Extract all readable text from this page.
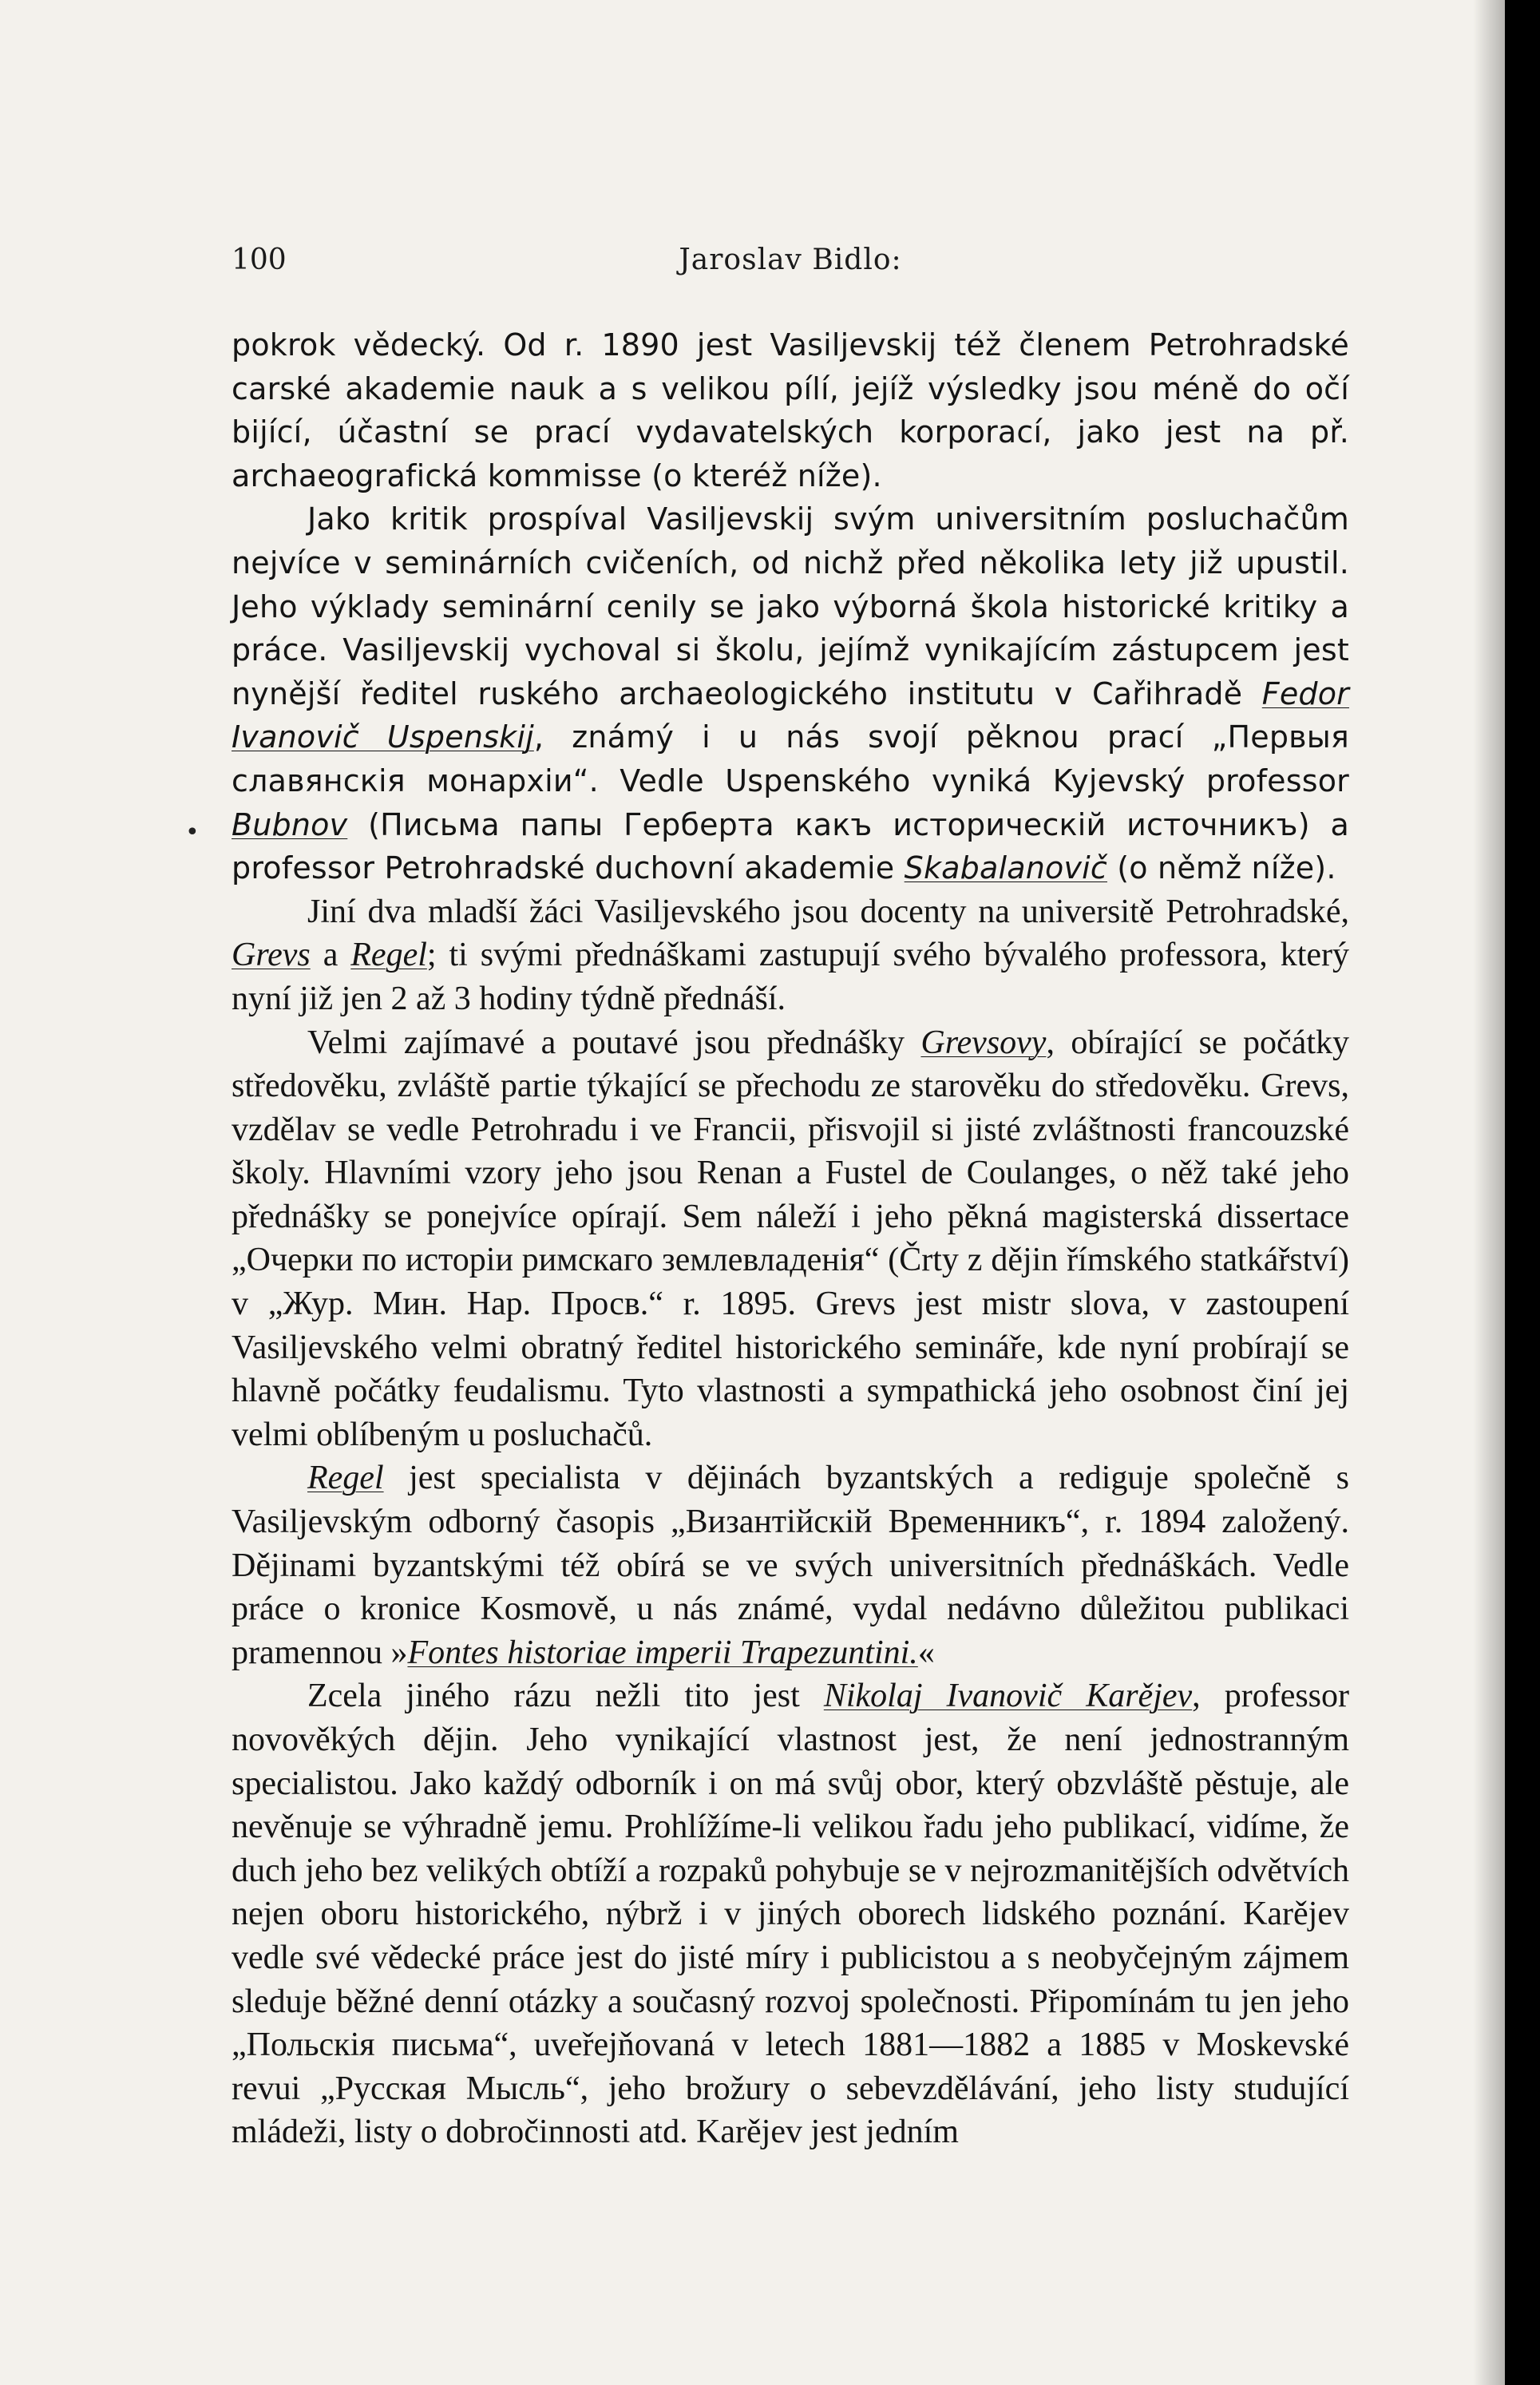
100	Jaroslav Bidlo:

pokrok vědecký. Od r. 1890 jest Vasiljevskij též členem Petrohradské carské akademie nauk a s velikou pílí, jejíž výsledky jsou méně do očí bijící, účastní se prací vydavatelských korporací, jako jest na př. archaeografická kommisse (o kteréž níže).

Jako kritik prospíval Vasiljevskij svým universitním posluchačům nejvíce v seminárních cvičeních, od nichž před několika lety již upustil. Jeho výklady seminární cenily se jako výborná škola historické kritiky a práce. Vasiljevskij vychoval si školu, jejímž vynikajícím zástupcem jest nynější ředitel ruského archaeologického institutu v Cařihradě Fedor Ivanovič Uspenskij, známý i u nás svojí pěknou prací „Первыя славянскія монархіи“. Vedle Uspenského vyniká Kyjevský professor Bubnov (Письма папы Герберта какъ историческій источникъ) a professor Petrohradské duchovní akademie Skabalanovič (o němž níže).

Jiní dva mladší žáci Vasiljevského jsou docenty na universitě Petrohradské, Grevs a Regel; ti svými přednáškami zastupují svého bývalého professora, který nyní již jen 2 až 3 hodiny týdně přednáší.

Velmi zajímavé a poutavé jsou přednášky Grevsovy, obírající se počátky středověku, zvláště partie týkající se přechodu ze starověku do středověku. Grevs, vzdělav se vedle Petrohradu i ve Francii, přisvojil si jisté zvláštnosti francouzské školy. Hlavními vzory jeho jsou Renan a Fustel de Coulanges, o něž také jeho přednášky se ponejvíce opírají. Sem náleží i jeho pěkná magisterská dissertace „Очерки по исторіи римскаго землевладенія“ (Črty z dějin římského statkářství) v „Жур. Мин. Нар. Просв.“ r. 1895. Grevs jest mistr slova, v zastoupení Vasiljevského velmi obratný ředitel historického semináře, kde nyní probírají se hlavně počátky feudalismu. Tyto vlastnosti a sympathická jeho osobnost činí jej velmi oblíbeným u posluchačů.

Regel jest specialista v dějinách byzantských a rediguje společně s Vasiljevským odborný časopis „Византійскій Временникъ“, r. 1894 založený. Dějinami byzantskými též obírá se ve svých universitních přednáškách. Vedle práce o kronice Kosmově, u nás známé, vydal nedávno důležitou publikaci pramennou »Fontes historiae imperii Trapezuntini.«

Zcela jiného rázu nežli tito jest Nikolaj Ivanovič Karějev, professor novověkých dějin. Jeho vynikající vlastnost jest, že není jednostranným specialistou. Jako každý odborník i on má svůj obor, který obzvláště pěstuje, ale nevěnuje se výhradně jemu. Prohlížíme-li velikou řadu jeho publikací, vidíme, že duch jeho bez velikých obtíží a rozpaků pohybuje se v nejrozmanitějších odvětvích nejen oboru historického, nýbrž i v jiných oborech lidského poznání. Karějev vedle své vědecké práce jest do jisté míry i publicistou a s neobyčejným zájmem sleduje běžné denní otázky a současný rozvoj společnosti. Připomínám tu jen jeho „Польскія письма“, uveřejňovaná v letech 1881—1882 a 1885 v Moskevské revui „Русская Мысль“, jeho brožury o sebevzdělávání, jeho listy studující mládeži, listy o dobročinnosti atd. Karějev jest jedním

•
